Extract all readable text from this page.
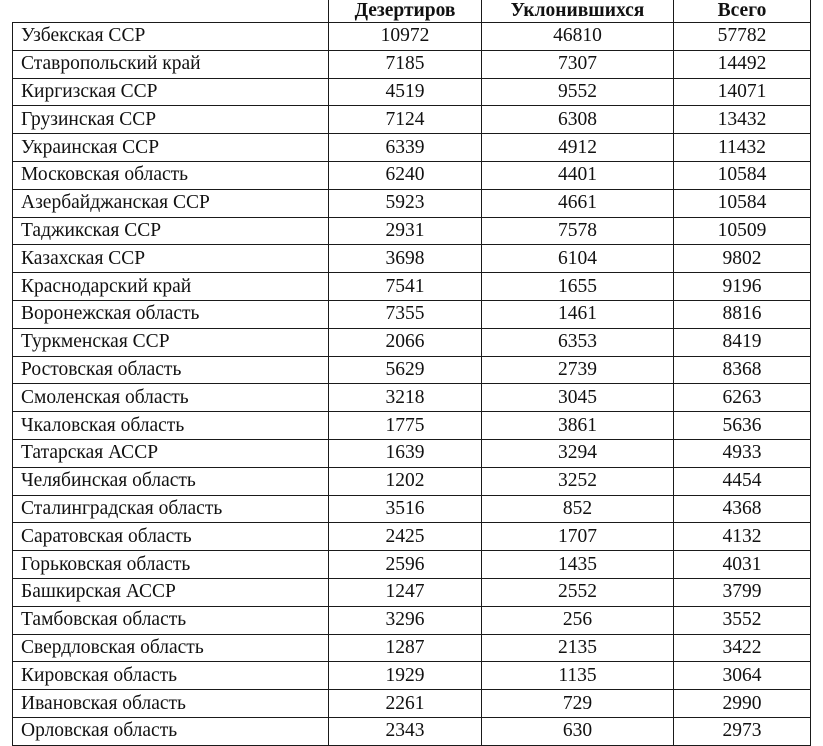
	Дезертиров	Уклонившихся	Всего
Узбекская ССР	10972	46810	57782
Ставропольский край	7185	7307	14492
Киргизская ССР	4519	9552	14071
Грузинская ССР	7124	6308	13432
Украинская ССР	6339	4912	11432
Московская область	6240	4401	10584
Азербайджанская ССР	5923	4661	10584
Таджикская ССР	2931	7578	10509
Казахская ССР	3698	6104	9802
Краснодарский край	7541	1655	9196
Воронежская область	7355	1461	8816
Туркменская ССР	2066	6353	8419
Ростовская область	5629	2739	8368
Смоленская область	3218	3045	6263
Чкаловская область	1775	3861	5636
Татарская АССР	1639	3294	4933
Челябинская область	1202	3252	4454
Сталинградская область	3516	852	4368
Саратовская область	2425	1707	4132
Горьковская область	2596	1435	4031
Башкирская АССР	1247	2552	3799
Тамбовская область	3296	256	3552
Свердловская область	1287	2135	3422
Кировская область	1929	1135	3064
Ивановская область	2261	729	2990
Орловская область	2343	630	2973
